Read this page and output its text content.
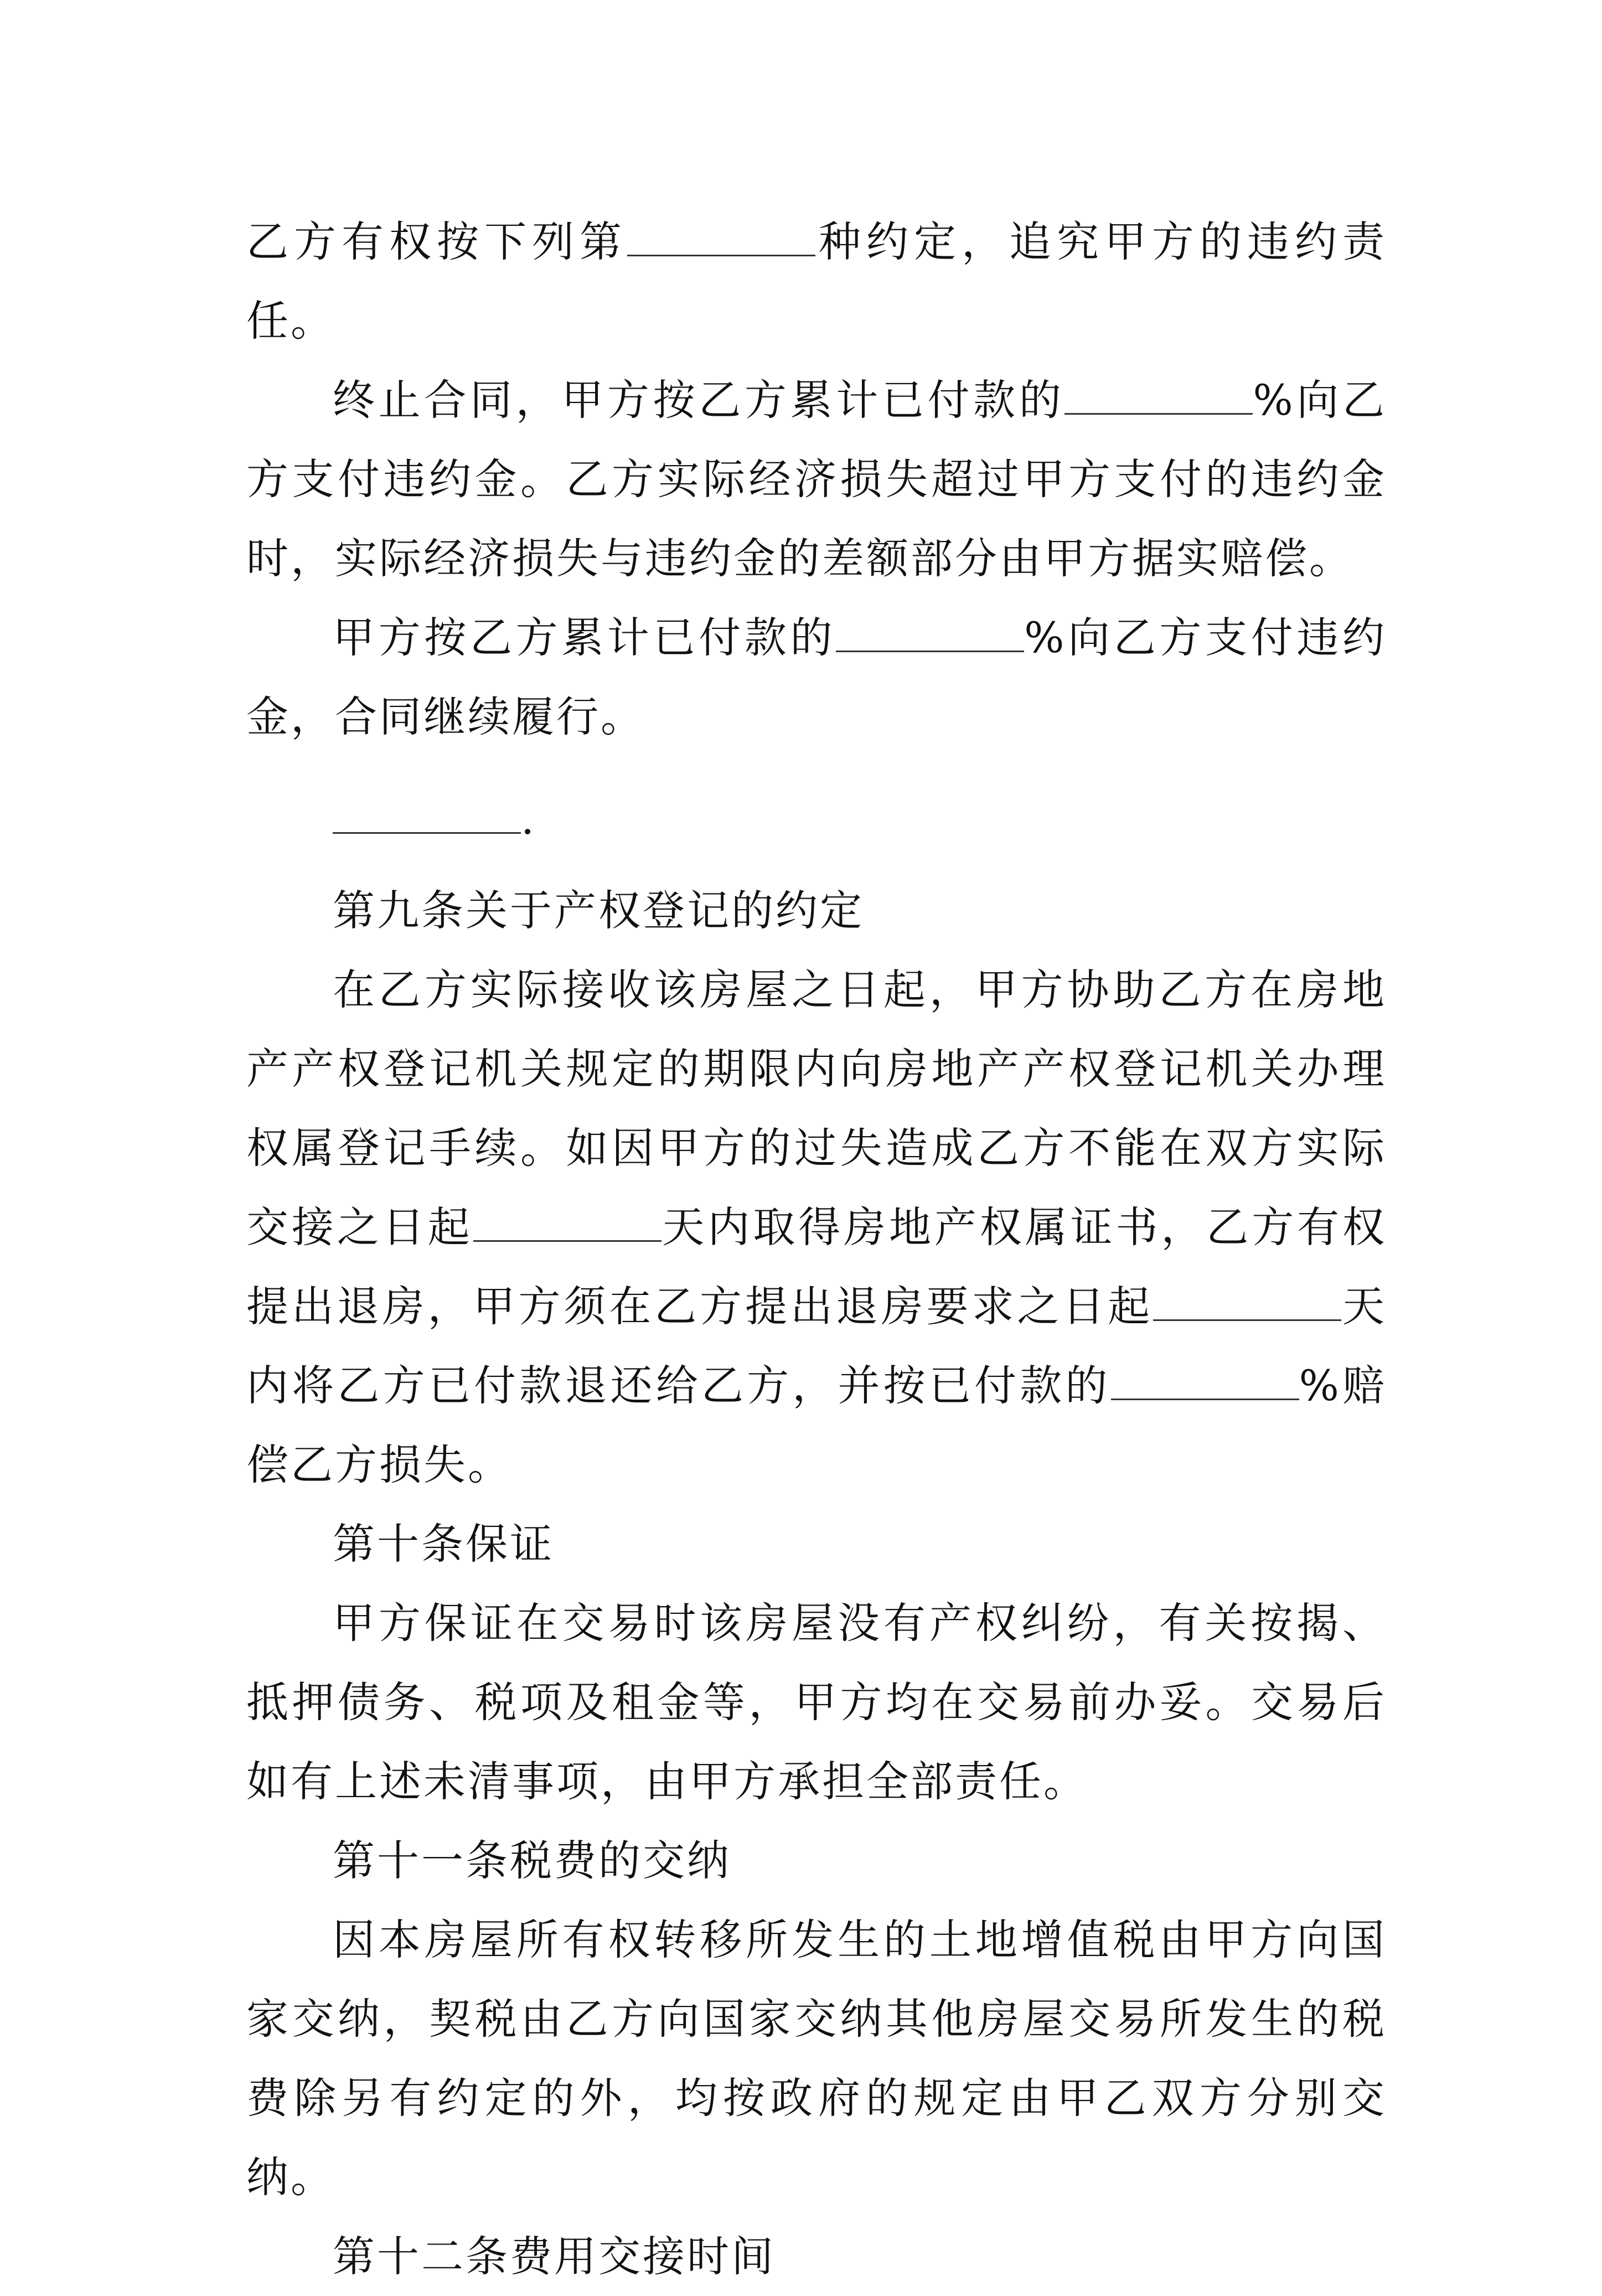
乙方有权按下列第	种约定，追究甲方的违约责任。

终止合同，甲方按乙方累计已付款的	%向乙方支付违约金。乙方实际经济损失超过甲方支付的违约金时，实际经济损失与违约金的差额部分由甲方据实赔偿。

甲方按乙方累计已付款的	%向乙方支付违约金，合同继续履行。

.

第九条关于产权登记的约定

在乙方实际接收该房屋之日起，甲方协助乙方在房地产产权登记机关规定的期限内向房地产产权登记机关办理权属登记手续。如因甲方的过失造成乙方不能在双方实际交接之日起	天内取得房地产权属证书，乙方有权提出退房，甲方须在乙方提出退房要求之日起	天内将乙方已付款退还给乙方，并按已付款的	%赔偿乙方损失。

第十条保证

甲方保证在交易时该房屋没有产权纠纷，有关按揭、抵押债务、税项及租金等，甲方均在交易前办妥。交易后如有上述未清事项，由甲方承担全部责任。

第十一条税费的交纳

因本房屋所有权转移所发生的土地增值税由甲方向国家交纳，契税由乙方向国家交纳其他房屋交易所发生的税费除另有约定的外，均按政府的规定由甲乙双方分别交纳。

第十二条费用交接时间
